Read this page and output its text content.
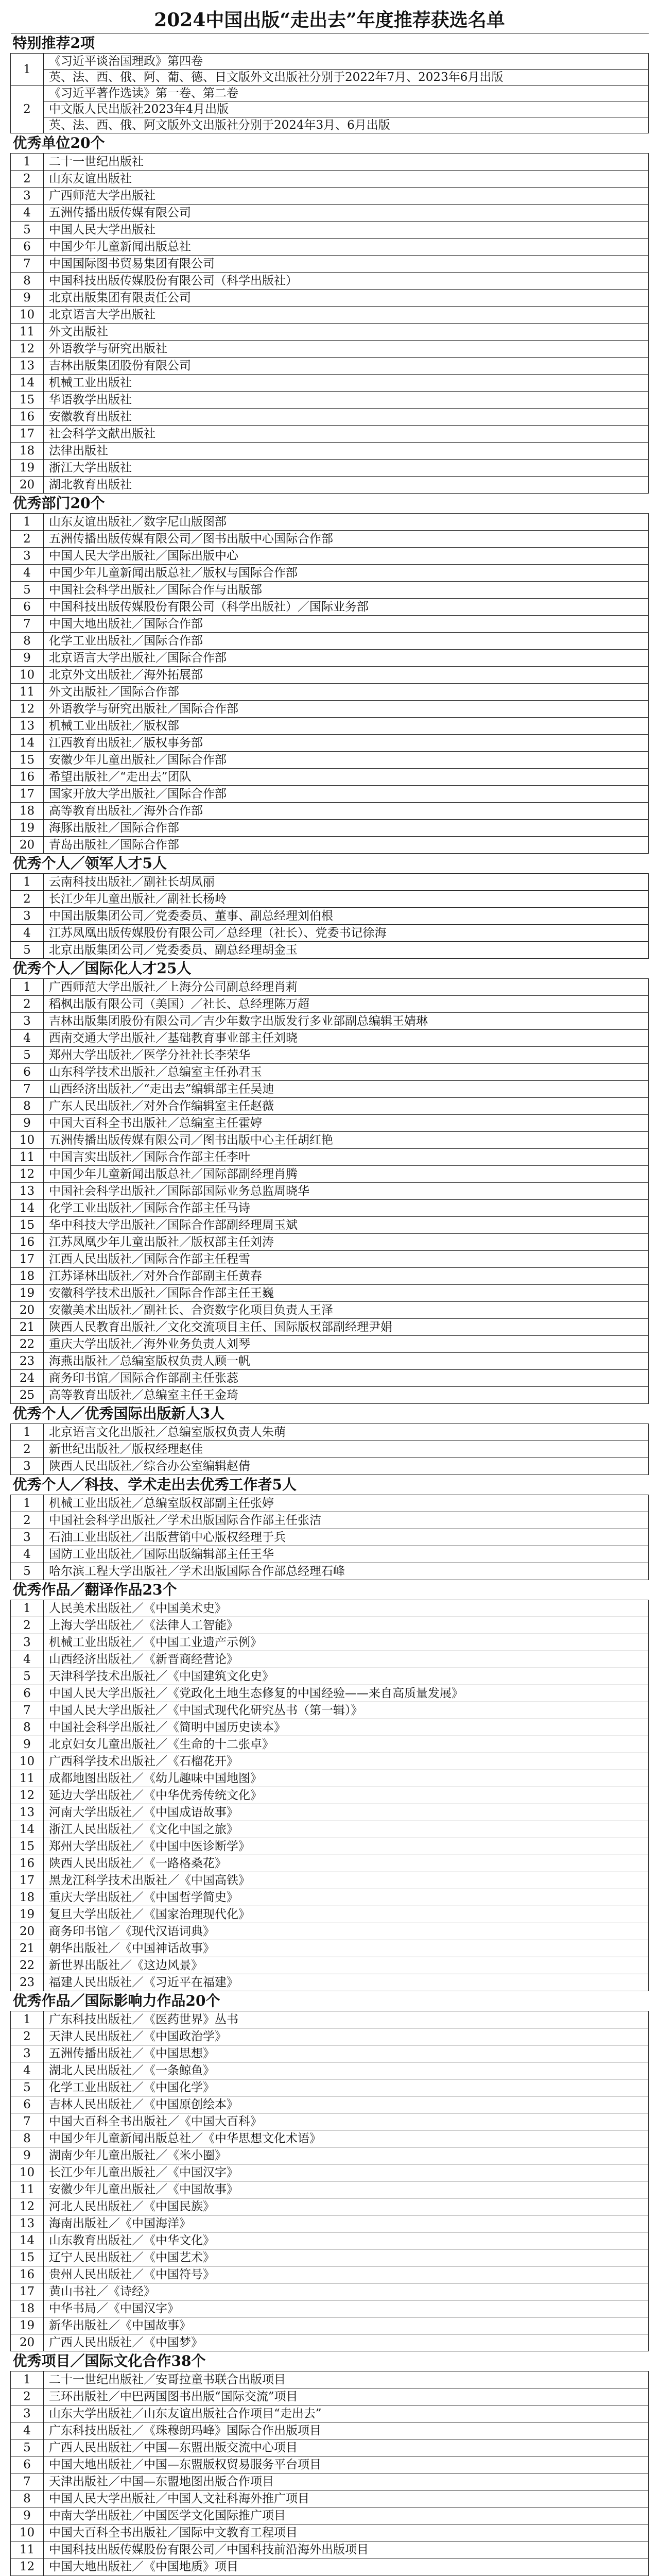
2024中国出版“走出去”年度推荐获选名单
特别推荐2项	
1	《习近平谈治国理政》第四卷
	英、法、西、俄、阿、葡、德、日文版外文出版社分别于2022年7月、2023年6月出版
2	《习近平著作选读》第一卷、第二卷
	中文版人民出版社2023年4月出版
	英、法、西、俄、阿文版外文出版社分别于2024年3月、6月出版
优秀单位20个	
1	二十一世纪出版社
2	山东友谊出版社
3	广西师范大学出版社
4	五洲传播出版传媒有限公司
5	中国人民大学出版社
6	中国少年儿童新闻出版总社
7	中国国际图书贸易集团有限公司
8	中国科技出版传媒股份有限公司（科学出版社）
9	北京出版集团有限责任公司
10	北京语言大学出版社
11	外文出版社
12	外语教学与研究出版社
13	吉林出版集团股份有限公司
14	机械工业出版社
15	华语教学出版社
16	安徽教育出版社
17	社会科学文献出版社
18	法律出版社
19	浙江大学出版社
20	湖北教育出版社
优秀部门20个	
1	山东友谊出版社／数字尼山版图部
2	五洲传播出版传媒有限公司／图书出版中心国际合作部
3	中国人民大学出版社／国际出版中心
4	中国少年儿童新闻出版总社／版权与国际合作部
5	中国社会科学出版社／国际合作与出版部
6	中国科技出版传媒股份有限公司（科学出版社）／国际业务部
7	中国大地出版社／国际合作部
8	化学工业出版社／国际合作部
9	北京语言大学出版社／国际合作部
10	北京外文出版社／海外拓展部
11	外文出版社／国际合作部
12	外语教学与研究出版社／国际合作部
13	机械工业出版社／版权部
14	江西教育出版社／版权事务部
15	安徽少年儿童出版社／国际合作部
16	希望出版社／“走出去”团队
17	国家开放大学出版社／国际合作部
18	高等教育出版社／海外合作部
19	海豚出版社／国际合作部
20	青岛出版社／国际合作部
优秀个人／领军人才5人	
1	云南科技出版社／副社长胡凤丽
2	长江少年儿童出版社／副社长杨岭
3	中国出版集团公司／党委委员、董事、副总经理刘伯根
4	江苏凤凰出版传媒股份有限公司／总经理（社长）、党委书记徐海
5	北京出版集团公司／党委委员、副总经理胡金玉
优秀个人／国际化人才25人	
1	广西师范大学出版社／上海分公司副总经理肖莉
2	稻枫出版有限公司（美国）／社长、总经理陈万超
3	吉林出版集团股份有限公司／吉少年数字出版发行多业部副总编辑王婧琳
4	西南交通大学出版社／基础教育事业部主任刘晓
5	郑州大学出版社／医学分社社长李荣华
6	山东科学技术出版社／总编室主任孙君玉
7	山西经济出版社／“走出去”编辑部主任吴迪
8	广东人民出版社／对外合作编辑室主任赵薇
9	中国大百科全书出版社／总编室主任霍婷
10	五洲传播出版传媒有限公司／图书出版中心主任胡红艳
11	中国言实出版社／国际合作部主任李叶
12	中国少年儿童新闻出版总社／国际部副经理肖腾
13	中国社会科学出版社／国际部国际业务总监周晓华
14	化学工业出版社／国际合作部主任马诗
15	华中科技大学出版社／国际合作部副经理周玉斌
16	江苏凤凰少年儿童出版社／版权部主任刘涛
17	江西人民出版社／国际合作部主任程雪
18	江苏译林出版社／对外合作部副主任黄春
19	安徽科学技术出版社／国际合作部主任王巍
20	安徽美术出版社／副社长、合资数字化项目负责人王泽
21	陕西人民教育出版社／文化交流项目主任、国际版权部副经理尹娟
22	重庆大学出版社／海外业务负责人刘琴
23	海燕出版社／总编室版权负责人顾一帆
24	商务印书馆／国际合作部副主任张蕊
25	高等教育出版社／总编室主任王金琦
优秀个人／优秀国际出版新人3人	
1	北京语言文化出版社／总编室版权负责人朱萌
2	新世纪出版社／版权经理赵佳
3	陕西人民出版社／综合办公室编辑赵倩
优秀个人／科技、学术走出去优秀工作者5人	
1	机械工业出版社／总编室版权部副主任张婷
2	中国社会科学出版社／学术出版国际合作部主任张洁
3	石油工业出版社／出版营销中心版权经理于兵
4	国防工业出版社／国际出版编辑部主任王华
5	哈尔滨工程大学出版社／学术出版国际合作部总经理石峰
优秀作品／翻译作品23个	
1	人民美术出版社／《中国美术史》
2	上海大学出版社／《法律人工智能》
3	机械工业出版社／《中国工业遗产示例》
4	山西经济出版社／《新晋商经营论》
5	天津科学技术出版社／《中国建筑文化史》
6	中国人民大学出版社／《党政化土地生态修复的中国经验——来自高质量发展》
7	中国人民大学出版社／《中国式现代化研究丛书（第一辑）》
8	中国社会科学出版社／《简明中国历史读本》
9	北京妇女儿童出版社／《生命的十二张卓》
10	广西科学技术出版社／《石榴花开》
11	成都地图出版社／《幼儿趣味中国地图》
12	延边大学出版社／《中华优秀传统文化》
13	河南大学出版社／《中国成语故事》
14	浙江人民出版社／《文化中国之旅》
15	郑州大学出版社／《中国中医诊断学》
16	陕西人民出版社／《一路格桑花》
17	黑龙江科学技术出版社／《中国高铁》
18	重庆大学出版社／《中国哲学简史》
19	复旦大学出版社／《国家治理现代化》
20	商务印书馆／《现代汉语词典》
21	朝华出版社／《中国神话故事》
22	新世界出版社／《这边风景》
23	福建人民出版社／《习近平在福建》
优秀作品／国际影响力作品20个	
1	广东科技出版社／《医药世界》丛书
2	天津人民出版社／《中国政治学》
3	五洲传播出版社／《中国思想》
4	湖北人民出版社／《一条鲸鱼》
5	化学工业出版社／《中国化学》
6	吉林人民出版社／《中国原创绘本》
7	中国大百科全书出版社／《中国大百科》
8	中国少年儿童新闻出版总社／《中华思想文化术语》
9	湖南少年儿童出版社／《米小圈》
10	长江少年儿童出版社／《中国汉字》
11	安徽少年儿童出版社／《中国故事》
12	河北人民出版社／《中国民族》
13	海南出版社／《中国海洋》
14	山东教育出版社／《中华文化》
15	辽宁人民出版社／《中国艺术》
16	贵州人民出版社／《中国符号》
17	黄山书社／《诗经》
18	中华书局／《中国汉字》
19	新华出版社／《中国故事》
20	广西人民出版社／《中国梦》
优秀项目／国际文化合作38个	
1	二十一世纪出版社／安哥拉童书联合出版项目
2	三环出版社／中巴两国图书出版“国际交流”项目
3	山东大学出版社／山东友谊出版社合作项目“走出去”
4	广东科技出版社／《珠穆朗玛峰》国际合作出版项目
5	广西人民出版社／中国—东盟出版交流中心项目
6	中国大地出版社／中国—东盟版权贸易服务平台项目
7	天津出版社／中国—东盟地图出版合作项目
8	中国人民大学出版社／中国人文社科海外推广项目
9	中南大学出版社／中国医学文化国际推广项目
10	中国大百科全书出版社／国际中文教育工程项目
11	中国科技出版传媒股份有限公司／中国科技前沿海外出版项目
12	中国大地出版社／《中国地质》项目
